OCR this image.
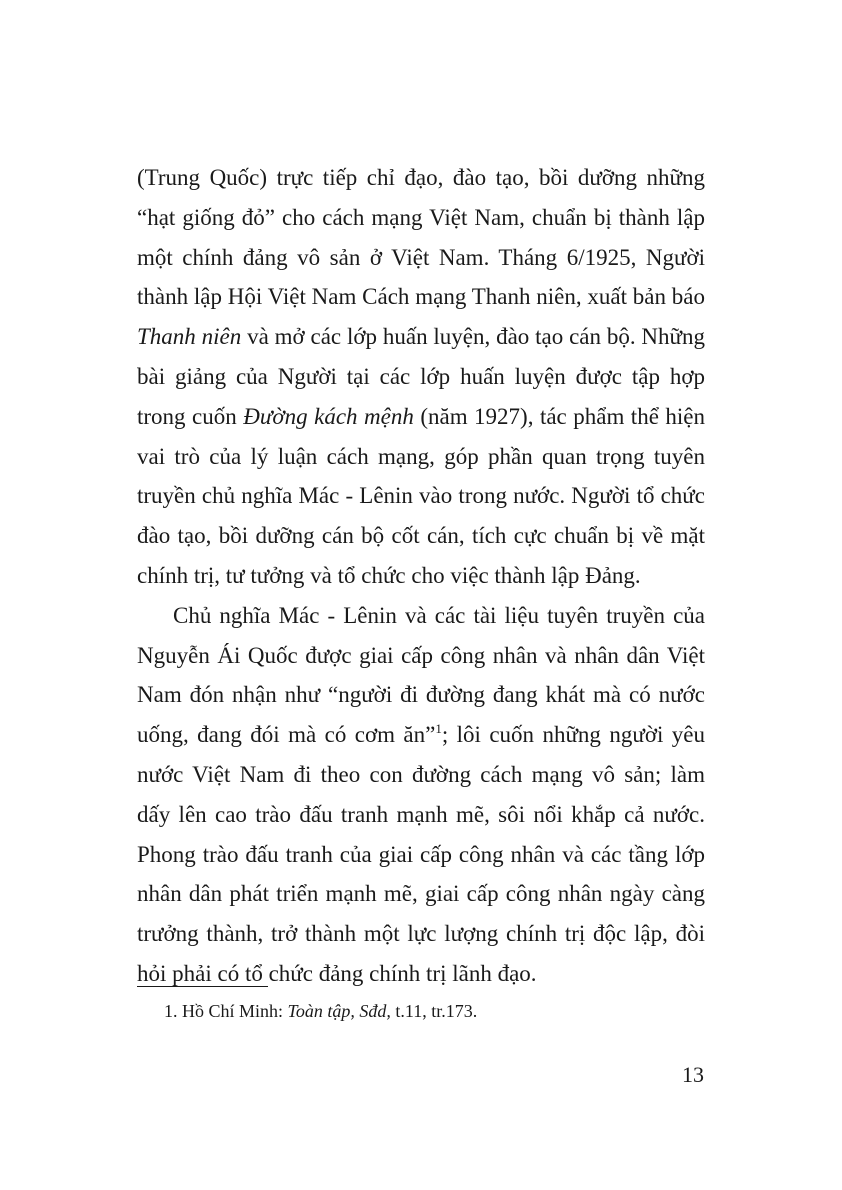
(Trung Quốc) trực tiếp chỉ đạo, đào tạo, bồi dưỡng những “hạt giống đỏ” cho cách mạng Việt Nam, chuẩn bị thành lập một chính đảng vô sản ở Việt Nam. Tháng 6/1925, Người thành lập Hội Việt Nam Cách mạng Thanh niên, xuất bản báo Thanh niên và mở các lớp huấn luyện, đào tạo cán bộ. Những bài giảng của Người tại các lớp huấn luyện được tập hợp trong cuốn Đường kách mệnh (năm 1927), tác phẩm thể hiện vai trò của lý luận cách mạng, góp phần quan trọng tuyên truyền chủ nghĩa Mác - Lênin vào trong nước. Người tổ chức đào tạo, bồi dưỡng cán bộ cốt cán, tích cực chuẩn bị về mặt chính trị, tư tưởng và tổ chức cho việc thành lập Đảng.

Chủ nghĩa Mác - Lênin và các tài liệu tuyên truyền của Nguyễn Ái Quốc được giai cấp công nhân và nhân dân Việt Nam đón nhận như “người đi đường đang khát mà có nước uống, đang đói mà có cơm ăn”$^1$; lôi cuốn những người yêu nước Việt Nam đi theo con đường cách mạng vô sản; làm dấy lên cao trào đấu tranh mạnh mẽ, sôi nổi khắp cả nước. Phong trào đấu tranh của giai cấp công nhân và các tầng lớp nhân dân phát triển mạnh mẽ, giai cấp công nhân ngày càng trưởng thành, trở thành một lực lượng chính trị độc lập, đòi hỏi phải có tổ chức đảng chính trị lãnh đạo.

1. Hồ Chí Minh: Toàn tập, Sđd, t.11, tr.173.
13
